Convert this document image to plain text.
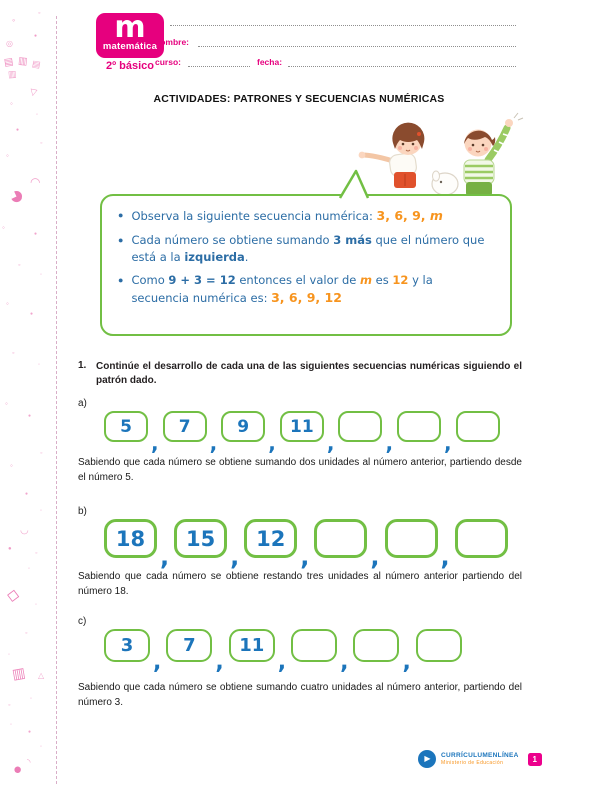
◦
◦
◎
●
▤ ▥ ▤
▥
▽
◦
◦
●
◦
◦
◕ ◠
◦
●
◦
◦
◦
●
◦
◦
◦
●
◦
◦
●
◦
◡
●
◦
◦
◇
◦
◦
◦
▥ △
◦
◦
◦
●
● ◝
◦
m
matemática
2º básico
nombre:
curso:	fecha:
ACTIVIDADES: PATRONES Y SECUENCIAS NUMÉRICAS
● Observa la siguiente secuencia numérica: 3, 6, 9, m
● Cada número se obtiene sumando 3 más que el número que está a la izquierda.
● Como 9 + 3 = 12 entonces el valor de m es 12 y la secuencia numérica es: 3, 6, 9, 12
1. Continúe el desarrollo de cada una de las siguientes secuencias numéricas siguiendo el patrón dado.
a)
5
,
7
,
9
,
11
,	,	,
Sabiendo que cada número se obtiene sumando dos unidades al número anterior, partiendo desde el número 5.
b)
18
,
15
,
12
,	,	,
Sabiendo que cada número se obtiene restando tres unidades al número anterior partiendo del número 18.
c)
3
,
7
,
11
, , ,
Sabiendo que cada número se obtiene sumando cuatro unidades al número anterior, partiendo del número 3.
▶ CURRÍCULUMENLÍNEA
Ministerio de Educación	1
